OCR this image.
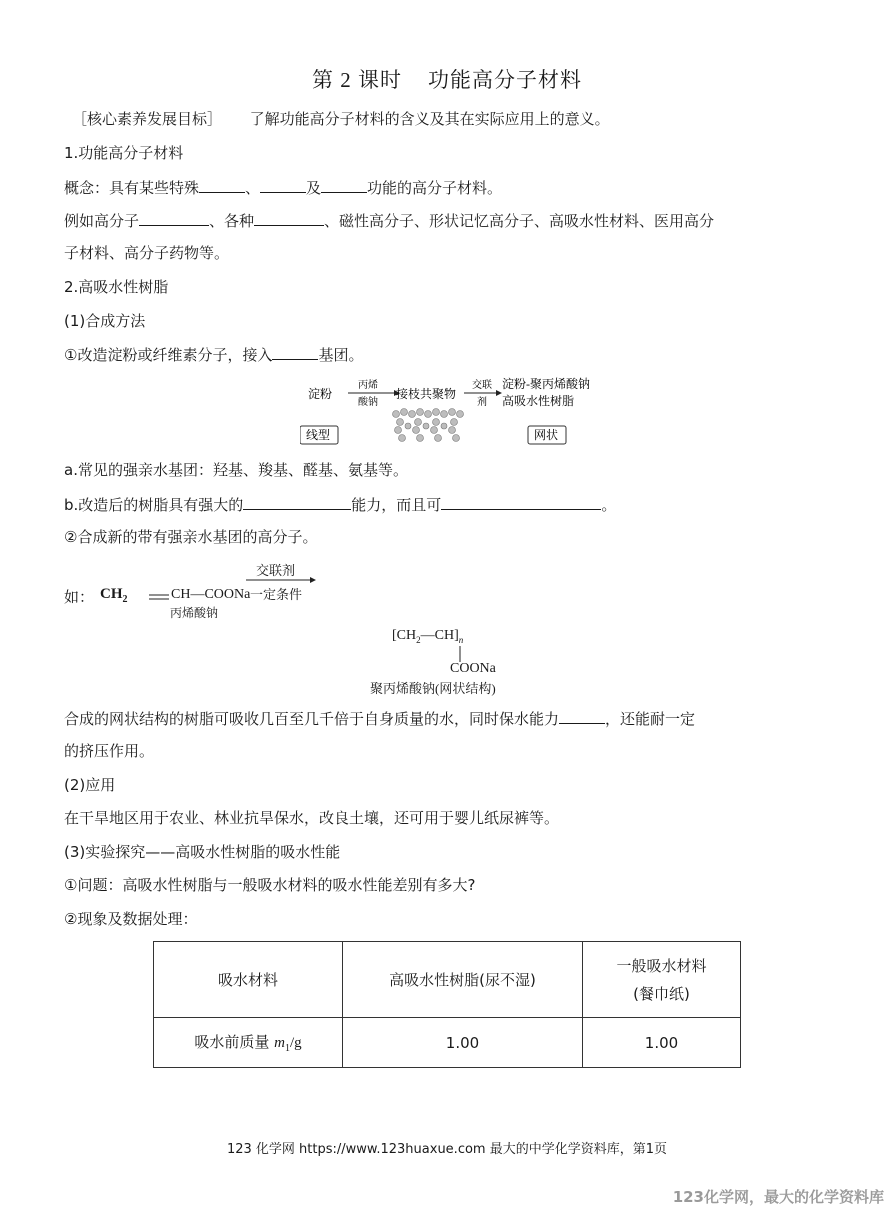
第 2 课时 功能高分子材料
［核心素养发展目标］ 了解功能高分子材料的含义及其在实际应用上的意义。
1.功能高分子材料
概念：具有某些特殊	、	及	功能的高分子材料。
例如高分子	、各种	、磁性高分子、形状记忆高分子、高吸水性材料、医用高分
子材料、高分子药物等。
2.高吸水性树脂
(1)合成方法
①改造淀粉或纤维素分子，接入	基团。
淀粉
丙烯
酸钠
接枝共聚物
交联
剂
淀粉-聚丙烯酸钠
高吸水性树脂
线型	网状
a.常见的强亲水基团：羟基、羧基、醛基、氨基等。
b.改造后的树脂具有强大的	能力，而且可	。
②合成新的带有强亲水基团的高分子。
如： $CH_2$	CH—COONa
丙烯酸钠
交联剂
一定条件
$[CH_2—CH]_n$
COONa
聚丙烯酸钠(网状结构)
合成的网状结构的树脂可吸收几百至几千倍于自身质量的水，同时保水能力	，还能耐一定
的挤压作用。
(2)应用
在干旱地区用于农业、林业抗旱保水，改良土壤，还可用于婴儿纸尿裤等。
(3)实验探究——高吸水性树脂的吸水性能
①问题：高吸水性树脂与一般吸水材料的吸水性能差别有多大?
②现象及数据处理：
吸水材料	高吸水性树脂(尿不湿)	一般吸水材料
(餐巾纸)

吸水前质量 $m_1/g$	1.00	1.00
123 化学网 https://www.123huaxue.com 最大的中学化学资料库，第1页
123化学网，最大的化学资料库
